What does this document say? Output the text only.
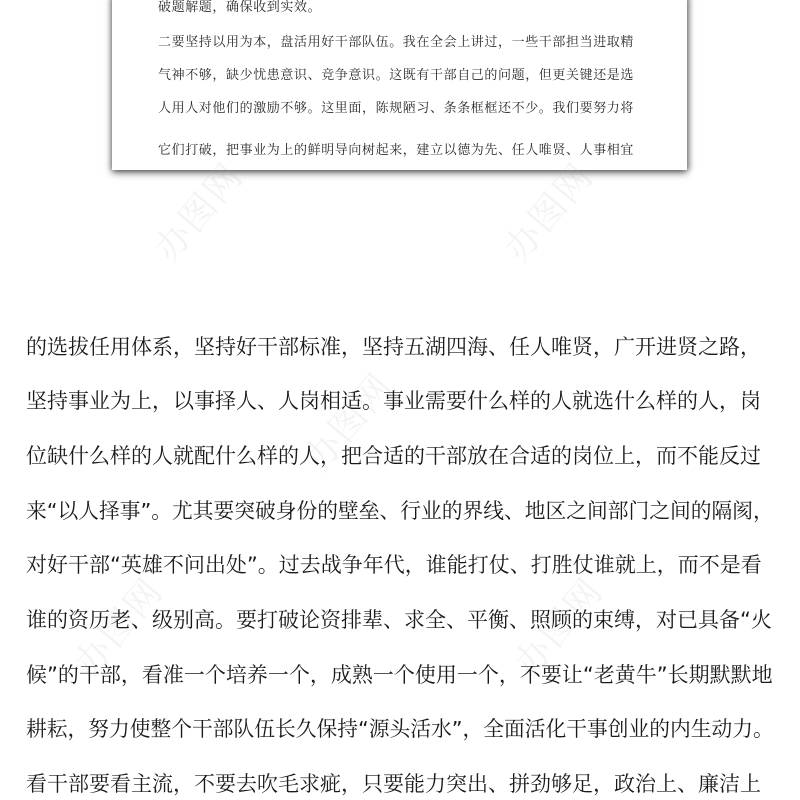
破题解题，确保收到实效。
二要坚持以用为本，盘活用好干部队伍。我在全会上讲过，一些干部担当进取精
气神不够，缺少忧患意识、竞争意识。这既有干部自己的问题，但更关键还是选
人用人对他们的激励不够。这里面，陈规陋习、条条框框还不少。我们要努力将
它们打破，把事业为上的鲜明导向树起来，建立以德为先、任人唯贤、人事相宜
办图网	办图网
办图网
办图网	办图网
的选拔任用体系，坚持好干部标准，坚持五湖四海、任人唯贤，广开进贤之路，
坚持事业为上，以事择人、人岗相适。事业需要什么样的人就选什么样的人，岗
位缺什么样的人就配什么样的人，把合适的干部放在合适的岗位上，而不能反过
来“以人择事”。尤其要突破身份的壁垒、行业的界线、地区之间部门之间的隔阂，
对好干部“英雄不问出处”。过去战争年代，谁能打仗、打胜仗谁就上，而不是看
谁的资历老、级别高。要打破论资排辈、求全、平衡、照顾的束缚，对已具备“火
候”的干部，看准一个培养一个，成熟一个使用一个，不要让“老黄牛”长期默默地
耕耘，努力使整个干部队伍长久保持“源头活水”，全面活化干事创业的内生动力。
看干部要看主流，不要去吹毛求疵，只要能力突出、拼劲够足，政治上、廉洁上
